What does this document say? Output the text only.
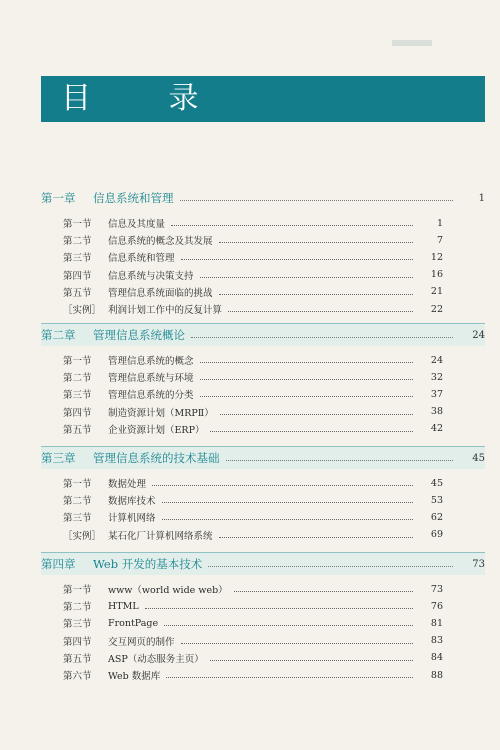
目 录
第一章	信息系统和管理	1
第一节	信息及其度量	1
第二节	信息系统的概念及其发展	7
第三节	信息系统和管理	12
第四节	信息系统与决策支持	16
第五节	管理信息系统面临的挑战	21
［实例］ 利润计划工作中的反复计算	22
第二章	管理信息系统概论	24
第一节	管理信息系统的概念	24
第二节	管理信息系统与环境	32
第三节	管理信息系统的分类	37
第四节	制造资源计划（MRPⅡ）	38
第五节	企业资源计划（ERP）	42
第三章	管理信息系统的技术基础	45
第一节	数据处理	45
第二节	数据库技术	53
第三节	计算机网络	62
［实例］ 某石化厂计算机网络系统	69
第四章	Web 开发的基本技术	73
第一节	www（world wide web）	73
第二节	HTML	76
第三节	FrontPage	81
第四节	交互网页的制作	83
第五节	ASP（动态服务主页）	84
第六节	Web 数据库	88
